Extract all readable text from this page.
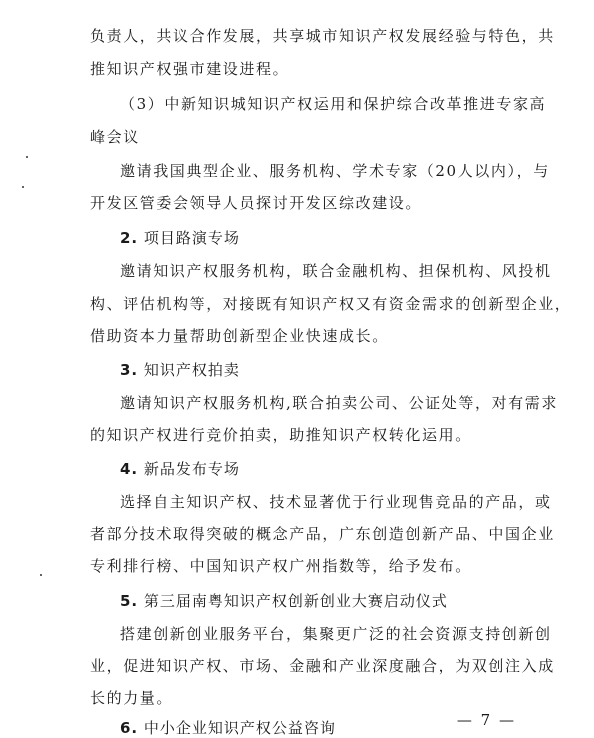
负责人，共议合作发展，共享城市知识产权发展经验与特色，共
推知识产权强市建设进程。
（3）中新知识城知识产权运用和保护综合改革推进专家高
峰会议
邀请我国典型企业、服务机构、学术专家（20人以内），与
开发区管委会领导人员探讨开发区综改建设。
2. 项目路演专场
邀请知识产权服务机构，联合金融机构、担保机构、风投机
构、评估机构等，对接既有知识产权又有资金需求的创新型企业，
借助资本力量帮助创新型企业快速成长。
3. 知识产权拍卖
邀请知识产权服务机构,联合拍卖公司、公证处等，对有需求
的知识产权进行竞价拍卖，助推知识产权转化运用。
4. 新品发布专场
选择自主知识产权、技术显著优于行业现售竞品的产品，或
者部分技术取得突破的概念产品，广东创造创新产品、中国企业
专利排行榜、中国知识产权广州指数等，给予发布。
5. 第三届南粤知识产权创新创业大赛启动仪式
搭建创新创业服务平台，集聚更广泛的社会资源支持创新创
业，促进知识产权、市场、金融和产业深度融合，为双创注入成
长的力量。
6. 中小企业知识产权公益咨询	— 7 —
